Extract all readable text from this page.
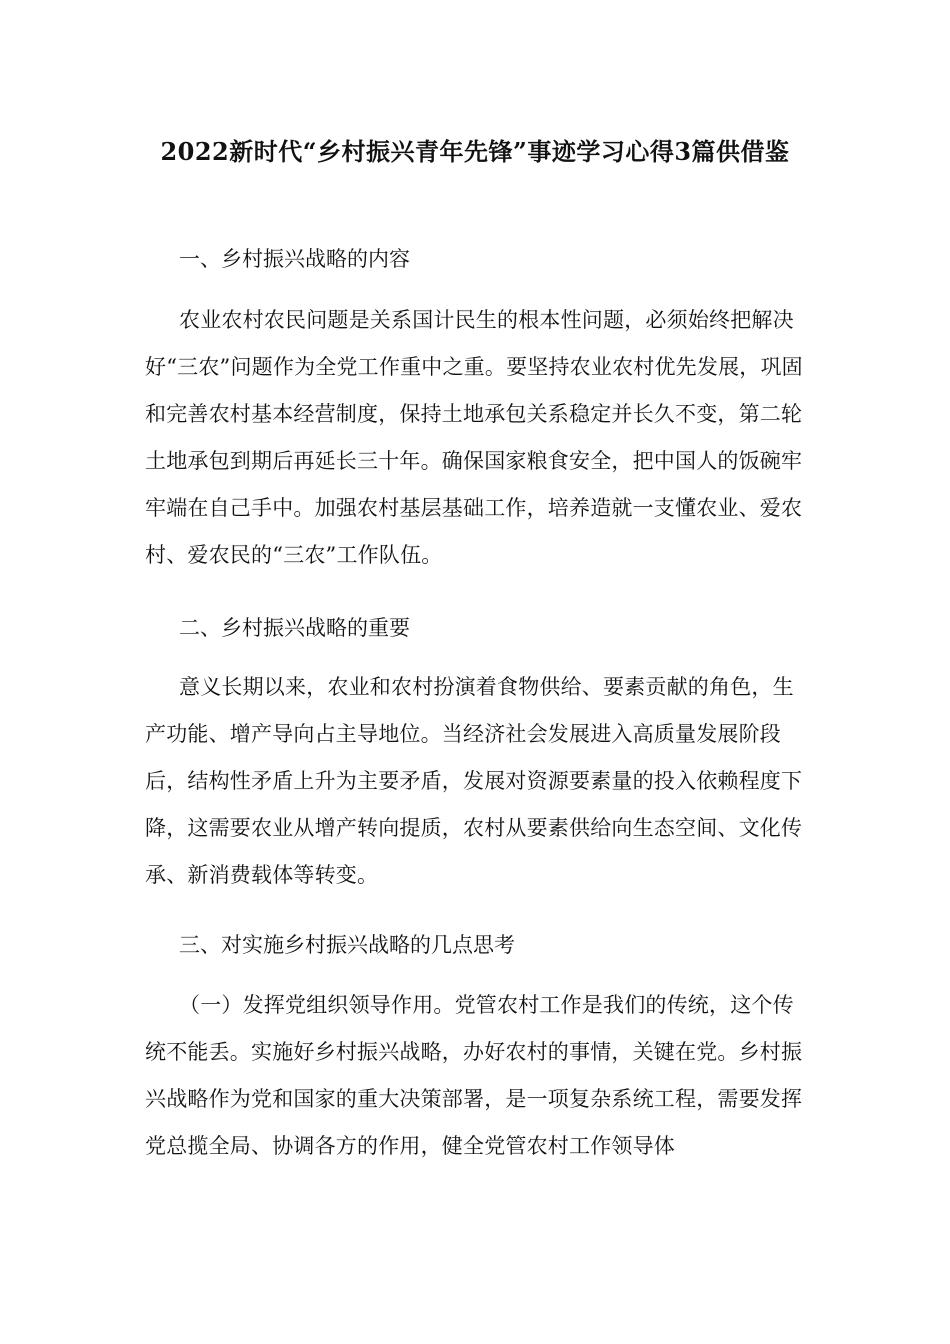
2022新时代“乡村振兴青年先锋”事迹学习心得3篇供借鉴

一、乡村振兴战略的内容

农业农村农民问题是关系国计民生的根本性问题，必须始终把解决好“三农”问题作为全党工作重中之重。要坚持农业农村优先发展，巩固和完善农村基本经营制度，保持土地承包关系稳定并长久不变，第二轮土地承包到期后再延长三十年。确保国家粮食安全，把中国人的饭碗牢牢端在自己手中。加强农村基层基础工作，培养造就一支懂农业、爱农村、爱农民的“三农”工作队伍。

二、乡村振兴战略的重要

意义长期以来，农业和农村扮演着食物供给、要素贡献的角色，生产功能、增产导向占主导地位。当经济社会发展进入高质量发展阶段后，结构性矛盾上升为主要矛盾，发展对资源要素量的投入依赖程度下降，这需要农业从增产转向提质，农村从要素供给向生态空间、文化传承、新消费载体等转变。

三、对实施乡村振兴战略的几点思考

（一）发挥党组织领导作用。党管农村工作是我们的传统，这个传统不能丢。实施好乡村振兴战略，办好农村的事情，关键在党。乡村振兴战略作为党和国家的重大决策部署，是一项复杂系统工程，需要发挥党总揽全局、协调各方的作用，健全党管农村工作领导体
